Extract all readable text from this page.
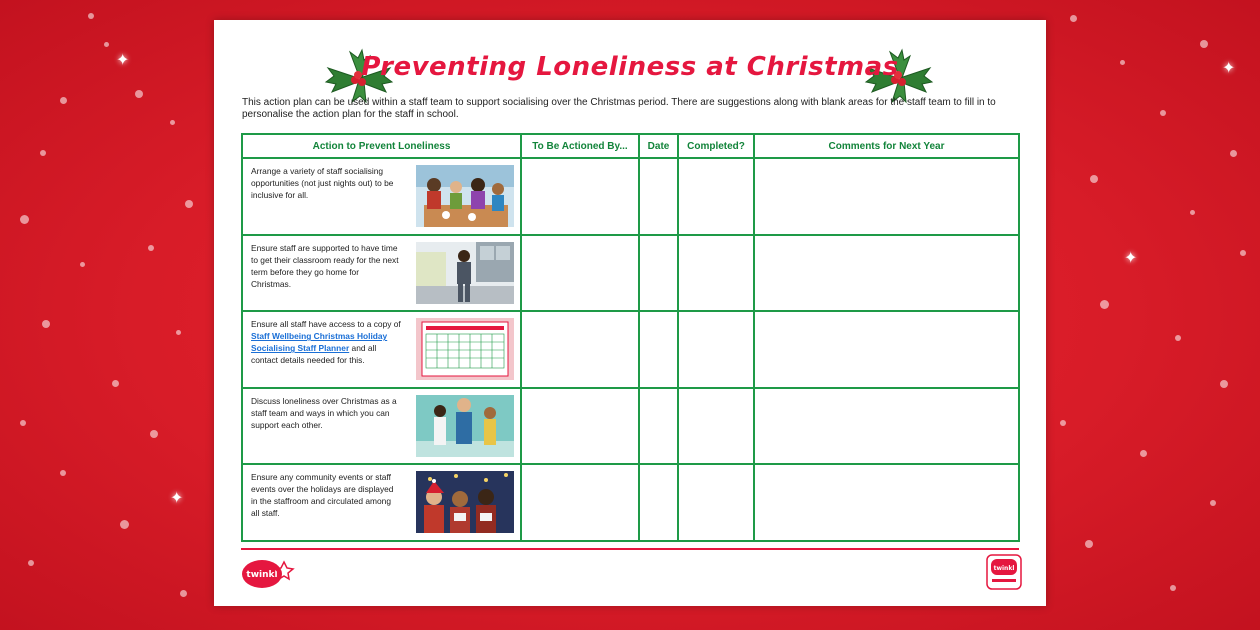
✦
✦
✦
✦
Preventing Loneliness at Christmas
This action plan can be used within a staff team to support socialising over the Christmas period. There are suggestions along with blank areas for the staff team to fill in to personalise the action plan for the staff in school.
Action to Prevent Loneliness	To Be Actioned By...	Date	Completed?	Comments for Next Year

Arrange a variety of staff socialising opportunities (not just nights out) to be inclusive for all.				

Ensure staff are supported to have time to get their classroom ready for the next term before they go home for Christmas.				

Ensure all staff have access to a copy of Staff Wellbeing Christmas Holiday Socialising Staff Planner and all contact details needed for this.				

Discuss loneliness over Christmas as a staff team and ways in which you can support each other.				

Ensure any community events or staff events over the holidays are displayed in the staffroom and circulated among all staff.				

twinkl
twinkl
